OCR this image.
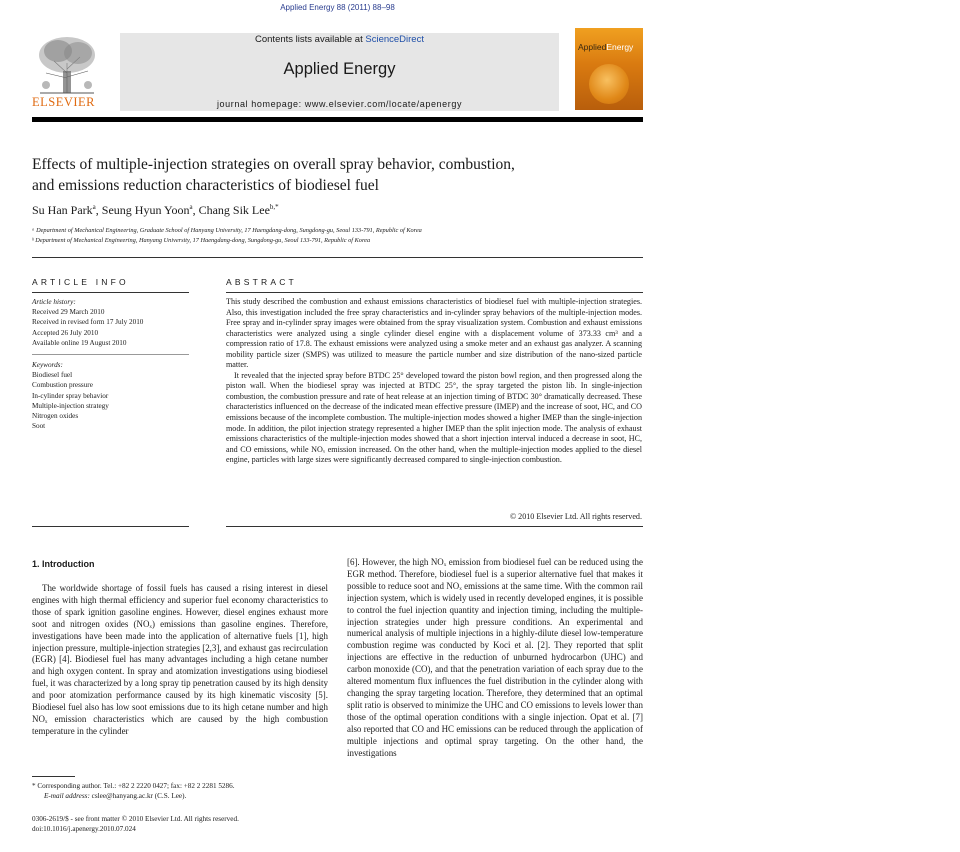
Applied Energy 88 (2011) 88–98
ELSEVIER
Contents lists available at ScienceDirect
Applied Energy
journal homepage: www.elsevier.com/locate/apenergy
AppliedEnergy
Effects of multiple-injection strategies on overall spray behavior, combustion,
and emissions reduction characteristics of biodiesel fuel
Su Han Park$^a$, Seung Hyun Yoon$^a$, Chang Sik Lee$^{b,*}$
ᵃ Department of Mechanical Engineering, Graduate School of Hanyang University, 17 Haengdang-dong, Sungdong-gu, Seoul 133-791, Republic of Korea
ᵇ Department of Mechanical Engineering, Hanyang University, 17 Haengdang-dong, Sungdong-gu, Seoul 133-791, Republic of Korea
ARTICLE INFO
Article history:
Received 29 March 2010
Received in revised form 17 July 2010
Accepted 26 July 2010
Available online 19 August 2010
Keywords:
Biodiesel fuel
Combustion pressure
In-cylinder spray behavior
Multiple-injection strategy
Nitrogen oxides
Soot
ABSTRACT

This study described the combustion and exhaust emissions characteristics of biodiesel fuel with multiple-injection strategies. Also, this investigation included the free spray characteristics and in-cylinder spray behaviors of the multiple-injection modes. Free spray and in-cylinder spray images were obtained from the spray visualization system. Combustion and exhaust emissions characteristics were analyzed using a single cylinder diesel engine with a displacement volume of 373.33 cm³ and a compression ratio of 17.8. The exhaust emissions were analyzed using a smoke meter and an exhaust gas analyzer. A scanning mobility particle sizer (SMPS) was utilized to measure the particle number and size distribution of the nano-sized particle matter.

It revealed that the injected spray before BTDC 25° developed toward the piston bowl region, and then progressed along the piston wall. When the biodiesel spray was injected at BTDC 25°, the spray targeted the piston lib. In single-injection combustion, the combustion pressure and rate of heat release at an injection timing of BTDC 30° dramatically decreased. These characteristics influenced on the decrease of the indicated mean effective pressure (IMEP) and the increase of soot, HC, and CO emissions because of the incomplete combustion. The multiple-injection modes showed a higher IMEP than the single-injection mode. In addition, the pilot injection strategy represented a higher IMEP than the split injection mode. The analysis of exhaust emissions characteristics of the multiple-injection modes showed that a short injection interval induced a decrease in soot, HC, and CO emissions, while NOₓ emission increased. On the other hand, when the multiple-injection modes applied to the diesel engine, particles with large sizes were significantly decreased compared to single-injection combustion.

© 2010 Elsevier Ltd. All rights reserved.
1. Introduction

The worldwide shortage of fossil fuels has caused a rising interest in diesel engines with high thermal efficiency and superior fuel economy characteristics to those of spark ignition gasoline engines. However, diesel engines exhaust more soot and nitrogen oxides (NOₓ) emissions than gasoline engines. Therefore, investigations have been made into the application of alternative fuels [1], high injection pressure, multiple-injection strategies [2,3], and exhaust gas recirculation (EGR) [4]. Biodiesel fuel has many advantages including a high cetane number and high oxygen content. In spray and atomization investigations using biodiesel fuel, it was characterized by a long spray tip penetration caused by its high density and poor atomization performance caused by its high kinematic viscosity [5]. Biodiesel fuel also has low soot emissions due to its high cetane number and high NOₓ emission characteristics which are caused by the high combustion temperature in the cylinder

[6]. However, the high NOₓ emission from biodiesel fuel can be reduced using the EGR method. Therefore, biodiesel fuel is a superior alternative fuel that makes it possible to reduce soot and NOₓ emissions at the same time. With the common rail injection system, which is widely used in recently developed engines, it is possible to control the fuel injection quantity and injection timing, including the multiple-injection strategies under high pressure conditions. An experimental and numerical analysis of multiple injections in a highly-dilute diesel low-temperature combustion regime was conducted by Koci et al. [2]. They reported that split injections are effective in the reduction of unburned hydrocarbon (UHC) and carbon monoxide (CO), and that the penetration variation of each spray due to the altered momentum flux influences the fuel distribution in the cylinder along with changing the spray targeting location. Therefore, they determined that an optimal split ratio is observed to minimize the UHC and CO emissions to levels lower than those of the optimal operation conditions with a single injection. Opat et al. [7] also reported that CO and HC emissions can be reduced through the application of multiple injections and optimal spray targeting. On the other hand, the investigations

* Corresponding author. Tel.: +82 2 2220 0427; fax: +82 2 2281 5286.
E-mail address: cslee@hanyang.ac.kr (C.S. Lee).
0306-2619/$ - see front matter © 2010 Elsevier Ltd. All rights reserved.
doi:10.1016/j.apenergy.2010.07.024
